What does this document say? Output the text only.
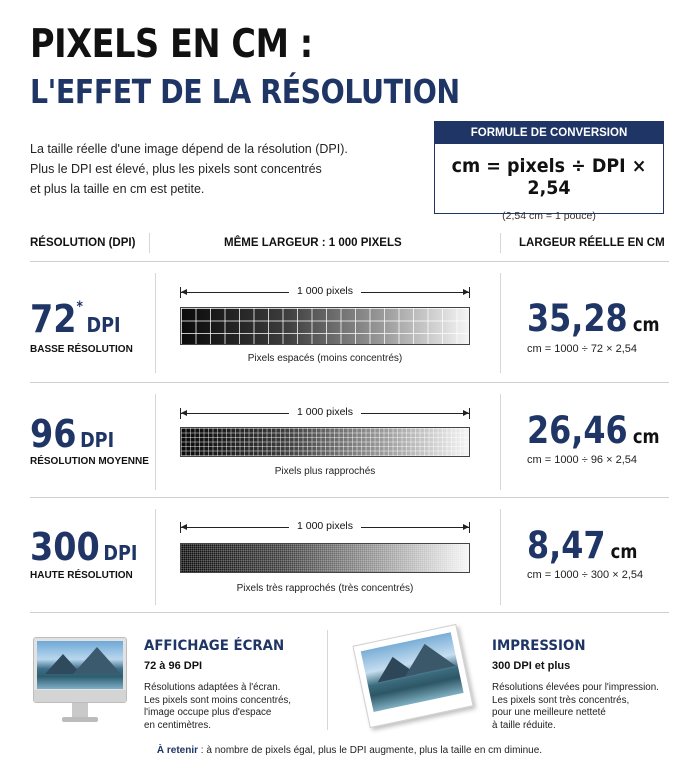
PIXELS EN CM :
L'EFFET DE LA RÉSOLUTION
La taille réelle d'une image dépend de la résolution (DPI).
Plus le DPI est élevé, plus les pixels sont concentrés
et plus la taille en cm est petite.
FORMULE DE CONVERSION
cm = pixels ÷ DPI × 2,54
(2,54 cm = 1 pouce)
RÉSOLUTION (DPI)	MÊME LARGEUR : 1 000 PIXELS	LARGEUR RÉELLE EN CM
72*DPI
BASSE RÉSOLUTION
1 000 pixels
Pixels espacés (moins concentrés)
35,28 cm
cm = 1000 ÷ 72 × 2,54
96 DPI
RÉSOLUTION MOYENNE
1 000 pixels
Pixels plus rapprochés
26,46 cm
cm = 1000 ÷ 96 × 2,54
300 DPI
HAUTE RÉSOLUTION
1 000 pixels
Pixels très rapprochés (très concentrés)
8,47 cm
cm = 1000 ÷ 300 × 2,54
AFFICHAGE ÉCRAN
72 à 96 DPI
Résolutions adaptées à l'écran.
Les pixels sont moins concentrés,
l'image occupe plus d'espace
en centimètres.
IMPRESSION
300 DPI et plus
Résolutions élevées pour l'impression.
Les pixels sont très concentrés,
pour une meilleure netteté
à taille réduite.
À retenir : à nombre de pixels égal, plus le DPI augmente, plus la taille en cm diminue.
